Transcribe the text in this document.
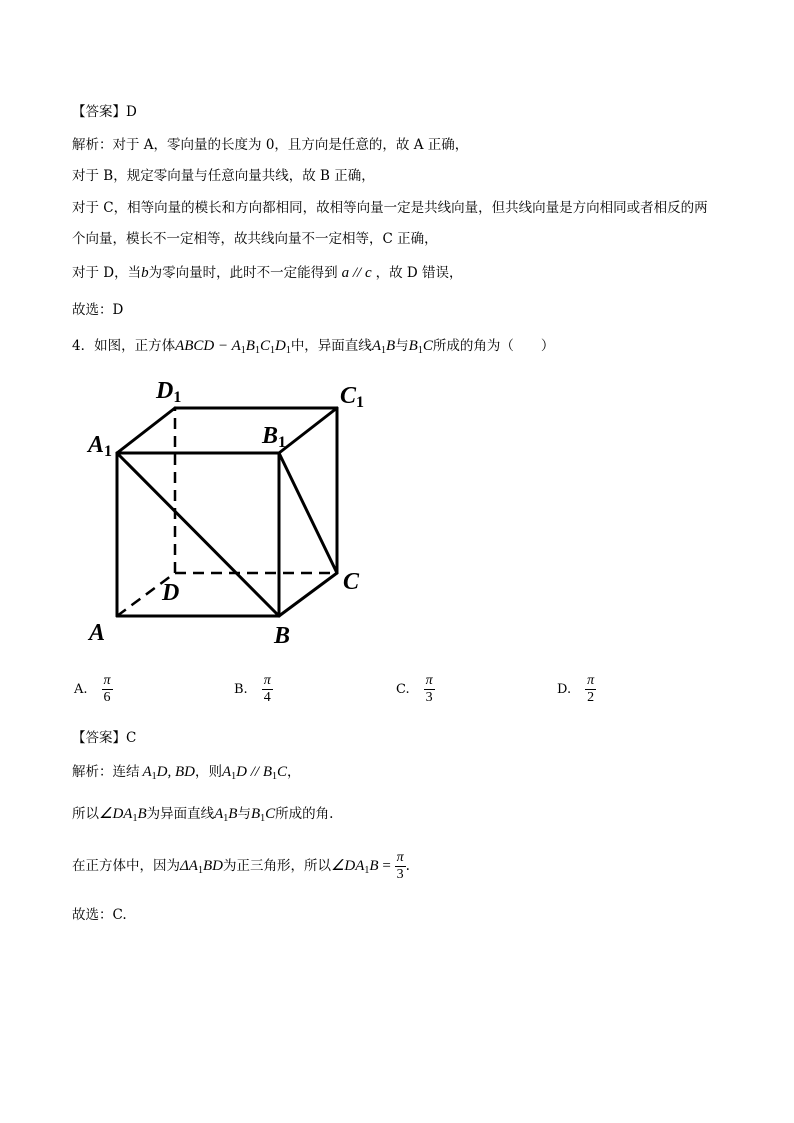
【答案】D
解析：对于 A，零向量的长度为 0，且方向是任意的，故 A 正确，
对于 B，规定零向量与任意向量共线，故 B 正确，
对于 C，相等向量的模长和方向都相同，故相等向量一定是共线向量，但共线向量是方向相同或者相反的两
个向量，模长不一定相等，故共线向量不一定相等，C 正确，
对于 D，当b为零向量时，此时不一定能得到 a // c ，故 D 错误，
故选：D
4．如图，正方体ABCD − $A_1B_1C_1D_1$中，异面直线$A_1B$与$B_1C$所成的角为（　　）
D1	C1
A1
B1
D	C
A	B
A. $\frac{\pi}{6}$	B. $\frac{\pi}{4}$	C. $\frac{\pi}{3}$	D. $\frac{\pi}{2}$
【答案】C
解析：连结 $A_1D$, BD，则$A_1D // B_1C$，
所以$\angle DA_1B$为异面直线$A_1B$与$B_1C$所成的角.
在正方体中，因为$\Delta A_1BD$为正三角形，所以$\angle DA_1B = \frac{\pi}{3}$ .
故选：C.
